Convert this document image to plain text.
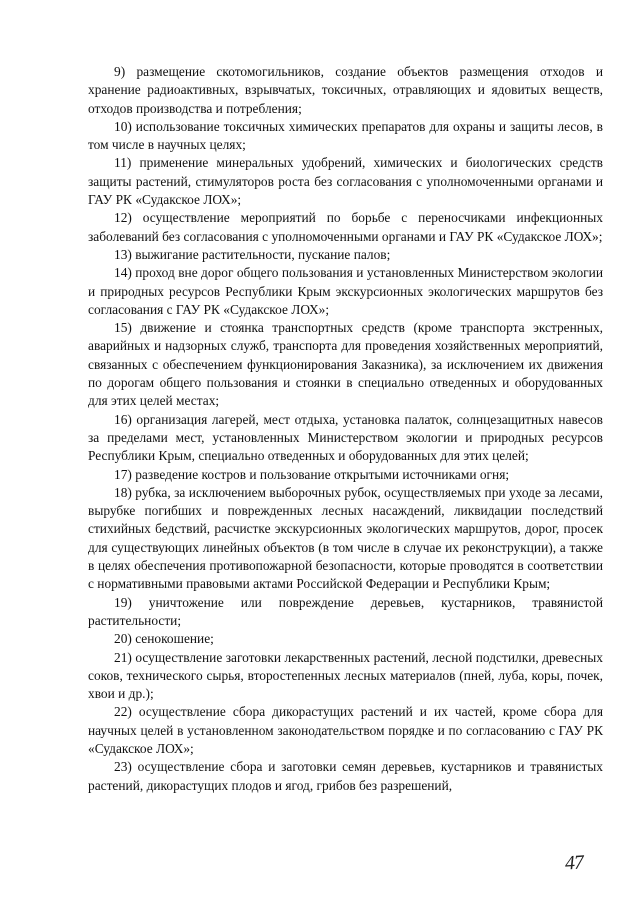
9) размещение скотомогильников, создание объектов размещения отходов и хранение радиоактивных, взрывчатых, токсичных, отравляющих и ядовитых веществ, отходов производства и потребления;

10) использование токсичных химических препаратов для охраны и защиты лесов, в том числе в научных целях;

11) применение минеральных удобрений, химических и биологических средств защиты растений, стимуляторов роста без согласования с уполномоченными органами и ГАУ РК «Судакское ЛОХ»;

12) осуществление мероприятий по борьбе с переносчиками инфекционных заболеваний без согласования с уполномоченными органами и ГАУ РК «Судакское ЛОХ»;

13) выжигание растительности, пускание палов;

14) проход вне дорог общего пользования и установленных Министерством экологии и природных ресурсов Республики Крым экскурсионных экологических маршрутов без согласования с ГАУ РК «Судакское ЛОХ»;

15) движение и стоянка транспортных средств (кроме транспорта экстренных, аварийных и надзорных служб, транспорта для проведения хозяйственных мероприятий, связанных с обеспечением функционирования Заказника), за исключением их движения по дорогам общего пользования и стоянки в специально отведенных и оборудованных для этих целей местах;

16) организация лагерей, мест отдыха, установка палаток, солнцезащитных навесов за пределами мест, установленных Министерством экологии и природных ресурсов Республики Крым, специально отведенных и оборудованных для этих целей;

17) разведение костров и пользование открытыми источниками огня;

18) рубка, за исключением выборочных рубок, осуществляемых при уходе за лесами, вырубке погибших и поврежденных лесных насаждений, ликвидации последствий стихийных бедствий, расчистке экскурсионных экологических маршрутов, дорог, просек для существующих линейных объектов (в том числе в случае их реконструкции), а также в целях обеспечения противопожарной безопасности, которые проводятся в соответствии с нормативными правовыми актами Российской Федерации и Республики Крым;

19) уничтожение или повреждение деревьев, кустарников, травянистой растительности;

20) сенокошение;

21) осуществление заготовки лекарственных растений, лесной подстилки, древесных соков, технического сырья, второстепенных лесных материалов (пней, луба, коры, почек, хвои и др.);

22) осуществление сбора дикорастущих растений и их частей, кроме сбора для научных целей в установленном законодательством порядке и по согласованию с ГАУ РК «Судакское ЛОХ»;

23) осуществление сбора и заготовки семян деревьев, кустарников и травянистых растений, дикорастущих плодов и ягод, грибов без разрешений,

47
